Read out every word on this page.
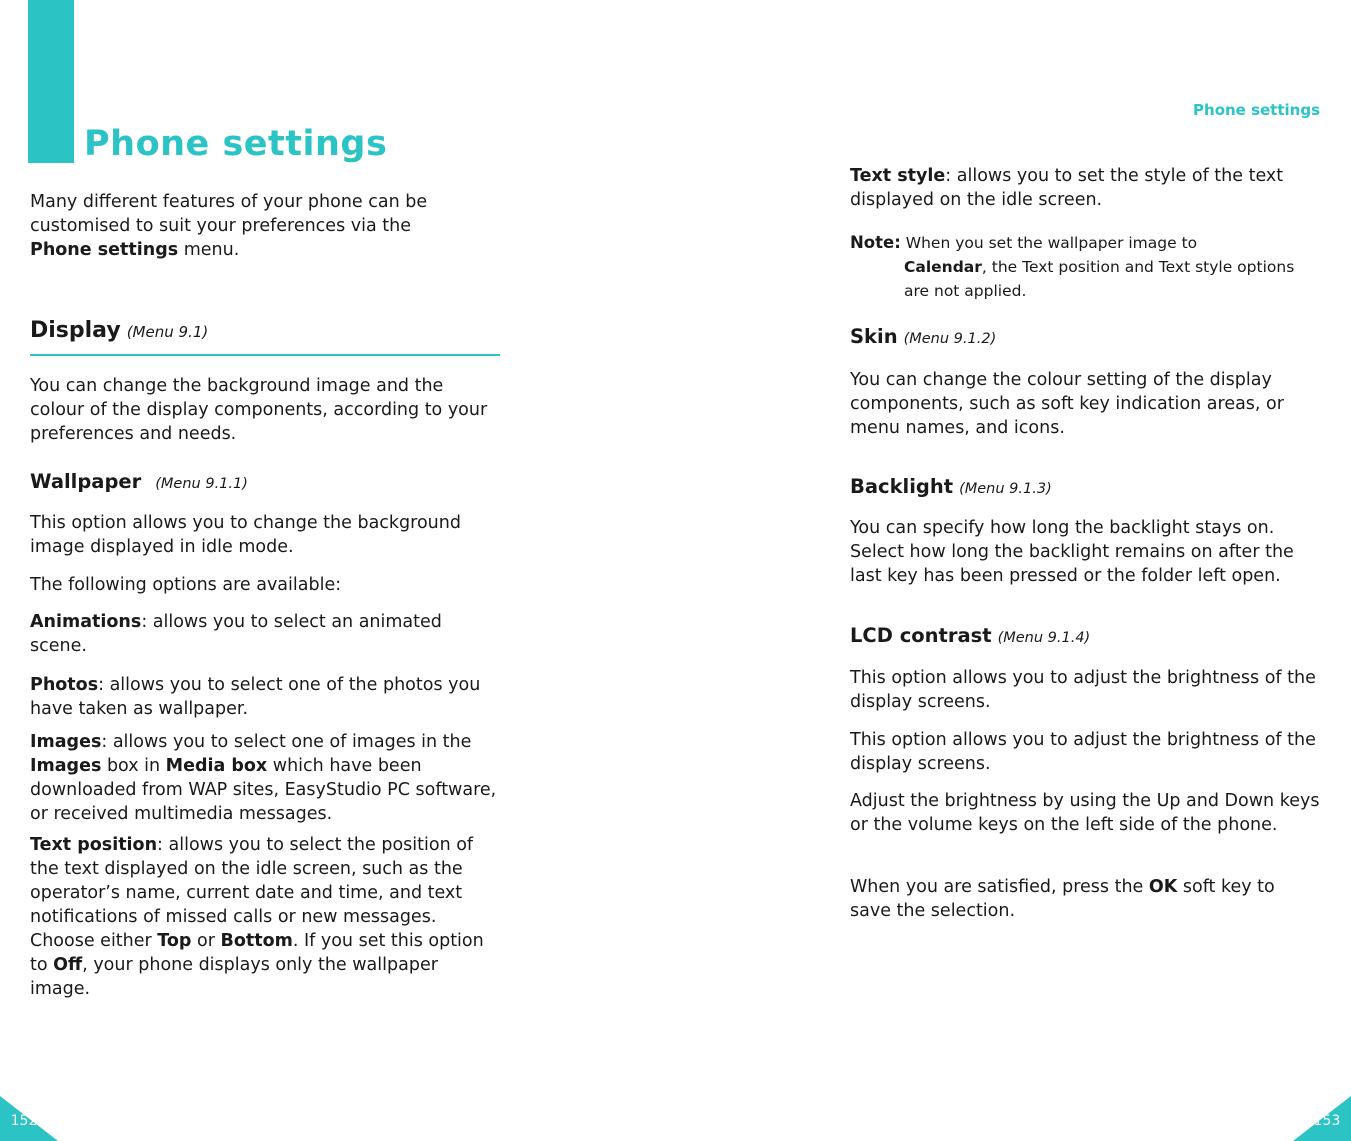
Phone settings

Many different features of your phone can be
customised to suit your preferences via the
Phone settings menu.

Display (Menu 9.1)

You can change the background image and the colour of the display components, according to your preferences and needs.

Wallpaper (Menu 9.1.1)

This option allows you to change the background image displayed in idle mode.

The following options are available:

Animations: allows you to select an animated scene.

Photos: allows you to select one of the photos you have taken as wallpaper.

Images: allows you to select one of images in the Images box in Media box which have been downloaded from WAP sites, EasyStudio PC software, or received multimedia messages.

Text position: allows you to select the position of the text displayed on the idle screen, such as the operator’s name, current date and time, and text notifications of missed calls or new messages. Choose either Top or Bottom. If you set this option to Off, your phone displays only the wallpaper image.

152
Phone settings

Text style: allows you to set the style of the text displayed on the idle screen.

Note: When you set the wallpaper image to
Calendar, the Text position and Text style options are not applied.

Skin (Menu 9.1.2)

You can change the colour setting of the display components, such as soft key indication areas, or menu names, and icons.

Backlight (Menu 9.1.3)

You can specify how long the backlight stays on. Select how long the backlight remains on after the last key has been pressed or the folder left open.

LCD contrast (Menu 9.1.4)

This option allows you to adjust the brightness of the display screens.

This option allows you to adjust the brightness of the display screens.

Adjust the brightness by using the Up and Down keys or the volume keys on the left side of the phone.

When you are satisfied, press the OK soft key to save the selection.

153
